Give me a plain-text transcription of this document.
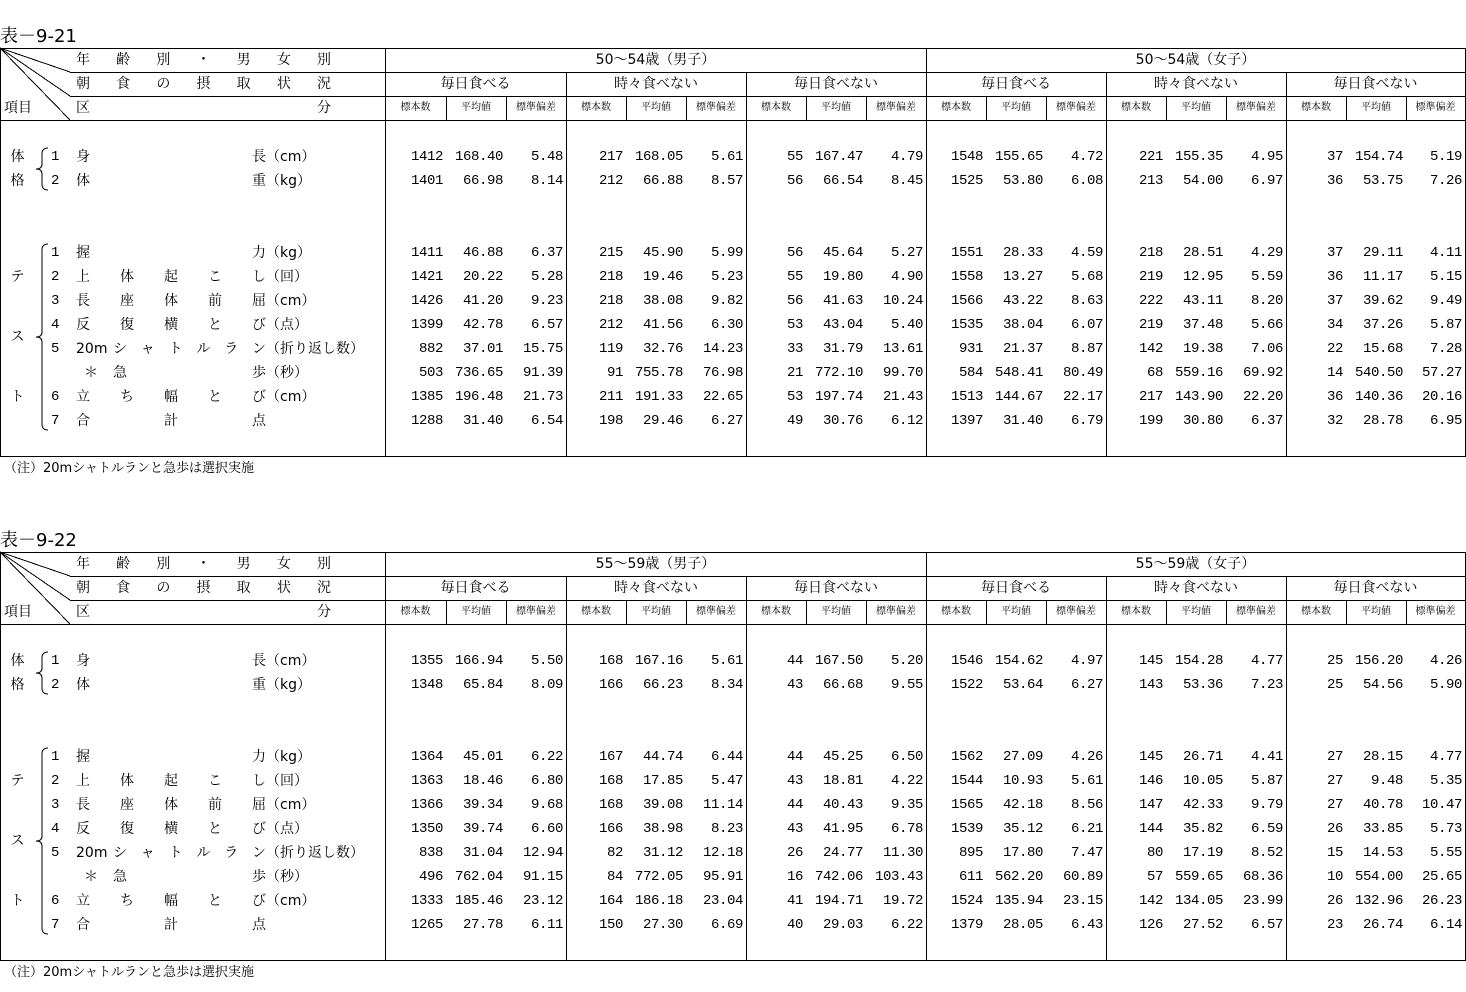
表－9-21
年 齢 別 ・ 男 女 別
朝 食 の 摂 取 状 況
項目	区 分
50～54歳（男子）	50～54歳（女子）
毎日食べる	時々食べない	毎日食べない	毎日食べる	時々食べない	毎日食べない
標本数	平均値	標準偏差	標本数	平均値	標準偏差	標本数	平均値	標準偏差	標本数	平均値	標準偏差	標本数	平均値	標準偏差	標本数	平均値	標準偏差
体
格
テ
ス
ト
1 身 長 （cm）	1412 168.40	5.48	217 168.05	5.61	55 167.47	4.79	1548 155.65	4.72	221 155.35	4.95	37 154.74	5.19
2 体 重 （kg）	1401	66.98	8.14	212	66.88	8.57	56	66.54	8.45	1525	53.80	6.08	213	54.00	6.97	36	53.75	7.26
1 握 力 （kg）	1411	46.88	6.37	215	45.90	5.99	56	45.64	5.27	1551	28.33	4.59	218	28.51	4.29	37	29.11	4.11
2 上 体 起 こ し （回）	1421	20.22	5.28	218	19.46	5.23	55	19.80	4.90	1558	13.27	5.68	219	12.95	5.59	36	11.17	5.15
3 長 座 体 前 屈 （cm）	1426	41.20	9.23	218	38.08	9.82	56	41.63	10.24	1566	43.22	8.63	222	43.11	8.20	37	39.62	9.49
4 反 復 横 と び （点）	1399	42.78	6.57	212	41.56	6.30	53	43.04	5.40	1535	38.04	6.07	219	37.48	5.66	34	37.26	5.87
5 20m シ ャ ト ル ラ ン （折り返し数）	882	37.01	15.75	119	32.76	14.23	33	31.79	13.61	931	21.37	8.87	142	19.38	7.06	22	15.68	7.28
＊ 急 歩 （秒）	503 736.65	91.39	91 755.78	76.98	21 772.10	99.70	584 548.41	80.49	68 559.16	69.92	14 540.50	57.27
6 立 ち 幅 と び （cm）	1385 196.48	21.73	211 191.33	22.65	53 197.74	21.43	1513 144.67	22.17	217 143.90	22.20	36 140.36	20.16
7 合 計 点	1288	31.40	6.54	198	29.46	6.27	49	30.76	6.12	1397	31.40	6.79	199	30.80	6.37	32	28.78	6.95
（注）20mシャトルランと急歩は選択実施
表－9-22
年 齢 別 ・ 男 女 別
朝 食 の 摂 取 状 況
項目	区 分
55～59歳（男子）	55～59歳（女子）
毎日食べる	時々食べない	毎日食べない	毎日食べる	時々食べない	毎日食べない
標本数	平均値	標準偏差	標本数	平均値	標準偏差	標本数	平均値	標準偏差	標本数	平均値	標準偏差	標本数	平均値	標準偏差	標本数	平均値	標準偏差
体
格
テ
ス
ト
1 身 長 （cm）	1355 166.94	5.50	168 167.16	5.61	44 167.50	5.20	1546 154.62	4.97	145 154.28	4.77	25 156.20	4.26
2 体 重 （kg）	1348	65.84	8.09	166	66.23	8.34	43	66.68	9.55	1522	53.64	6.27	143	53.36	7.23	25	54.56	5.90
1 握 力 （kg）	1364	45.01	6.22	167	44.74	6.44	44	45.25	6.50	1562	27.09	4.26	145	26.71	4.41	27	28.15	4.77
2 上 体 起 こ し （回）	1363	18.46	6.80	168	17.85	5.47	43	18.81	4.22	1544	10.93	5.61	146	10.05	5.87	27	9.48	5.35
3 長 座 体 前 屈 （cm）	1366	39.34	9.68	168	39.08	11.14	44	40.43	9.35	1565	42.18	8.56	147	42.33	9.79	27	40.78	10.47
4 反 復 横 と び （点）	1350	39.74	6.60	166	38.98	8.23	43	41.95	6.78	1539	35.12	6.21	144	35.82	6.59	26	33.85	5.73
5 20m シ ャ ト ル ラ ン （折り返し数）	838	31.04	12.94	82	31.12	12.18	26	24.77	11.30	895	17.80	7.47	80	17.19	8.52	15	14.53	5.55
＊ 急 歩 （秒）	496 762.04	91.15	84 772.05	95.91	16 742.06 103.43	611 562.20	60.89	57 559.65	68.36	10 554.00	25.65
6 立 ち 幅 と び （cm）	1333 185.46	23.12	164 186.18	23.04	41 194.71	19.72	1524 135.94	23.15	142 134.05	23.99	26 132.96	26.23
7 合 計 点	1265	27.78	6.11	150	27.30	6.69	40	29.03	6.22	1379	28.05	6.43	126	27.52	6.57	23	26.74	6.14
（注）20mシャトルランと急歩は選択実施
